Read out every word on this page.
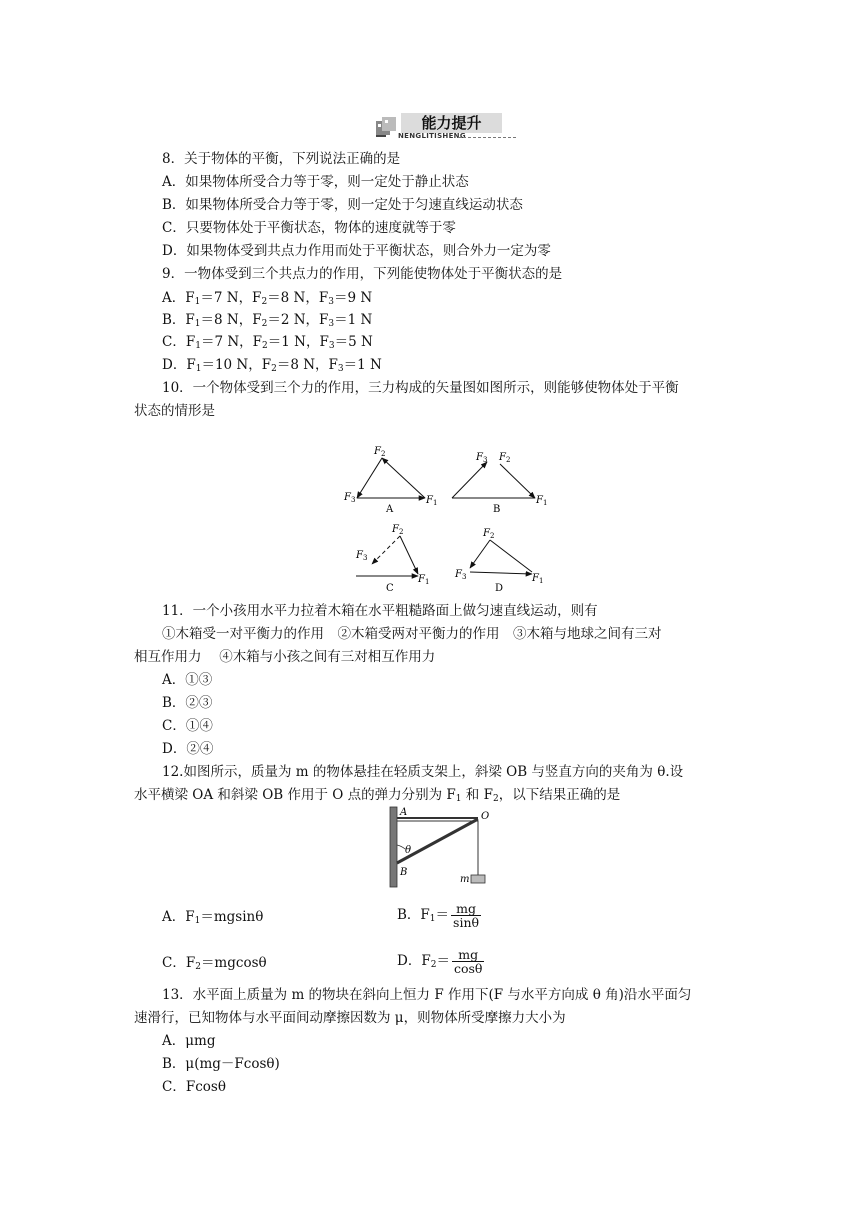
能力提升
NENGLITISHENG
8．关于物体的平衡，下列说法正确的是
A．如果物体所受合力等于零，则一定处于静止状态
B．如果物体所受合力等于零，则一定处于匀速直线运动状态
C．只要物体处于平衡状态，物体的速度就等于零
D．如果物体受到共点力作用而处于平衡状态，则合外力一定为零
9．一物体受到三个共点力的作用，下列能使物体处于平衡状态的是
A．$F_1=7$ N，$F_2=8$ N，$F_3=9$ N
B．$F_1=8$ N，$F_2=2$ N，$F_3=1$ N
C．$F_1=7$ N，$F_2=1$ N，$F_3=5$ N
D．$F_1=10$ N，$F_2=8$ N，$F_3=1$ N
10．一个物体受到三个力的作用，三力构成的矢量图如图所示，则能够使物体处于平衡
状态的情形是
$F_1$
$F_2$
$F_3$
A
$F_1$
$F_2$
$F_3$
B
$F_1$
$F_2$
$F_3$
C
$F_1$
$F_2$
$F_3$
D
11．一个小孩用水平力拉着木箱在水平粗糙路面上做匀速直线运动，则有
①木箱受一对平衡力的作用　②木箱受两对平衡力的作用　③木箱与地球之间有三对
相互作用力　 ④木箱与小孩之间有三对相互作用力
A．①③
B．②③
C．①④
D．②④
12.如图所示，质量为 m 的物体悬挂在轻质支架上，斜梁 OB 与竖直方向的夹角为 θ.设
水平横梁 OA 和斜梁 OB 作用于 O 点的弹力分别为 $F_1$ 和 $F_2$，以下结果正确的是
A	O
B
θ
m
A．$F_1=mgsin\theta$	B．$F_1= \frac{mg}{\sin\theta}$
C．$F_2=mgcos\theta$	D．$F_2= \frac{mg}{\cos\theta}$
13．水平面上质量为 m 的物块在斜向上恒力 F 作用下(F 与水平方向成 θ 角)沿水平面匀
速滑行，已知物体与水平面间动摩擦因数为 μ，则物体所受摩擦力大小为
A．μmg
B．μ(mg－Fcosθ)
C．Fcosθ
